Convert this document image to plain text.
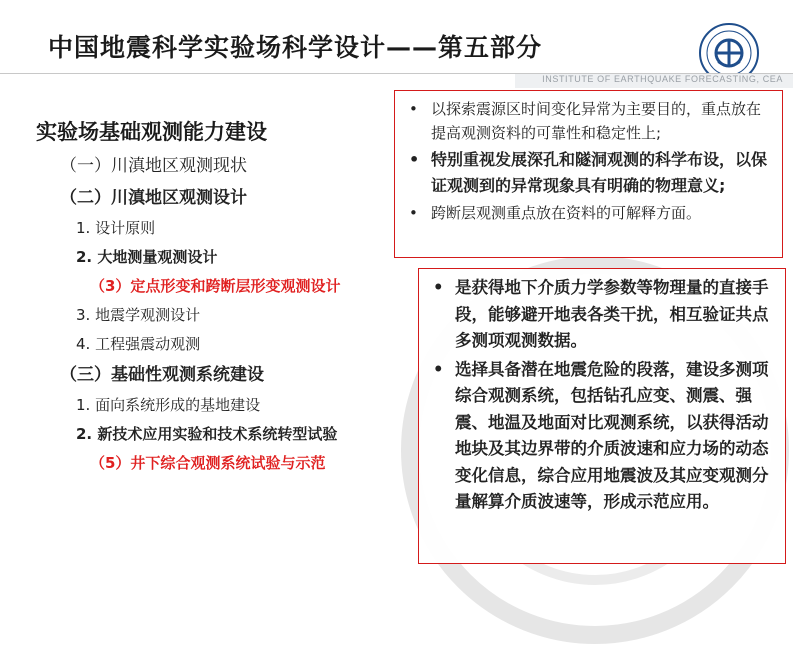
中国地震科学实验场科学设计——第五部分
INSTITUTE OF EARTHQUAKE FORECASTING, CEA
实验场基础观测能力建设
（一）川滇地区观测现状
（二）川滇地区观测设计
1. 设计原则
2. 大地测量观测设计
（3）定点形变和跨断层形变观测设计
3. 地震学观测设计
4. 工程强震动观测
（三）基础性观测系统建设
1. 面向系统形成的基地建设
2. 新技术应用实验和技术系统转型试验
（5）井下综合观测系统试验与示范
• 以探索震源区时间变化异常为主要目的，重点放在提高观测资料的可靠性和稳定性上;
• 特别重视发展深孔和隧洞观测的科学布设，以保证观测到的异常现象具有明确的物理意义;
• 跨断层观测重点放在资料的可解释方面。
• 是获得地下介质力学参数等物理量的直接手段，能够避开地表各类干扰，相互验证共点多测项观测数据。
• 选择具备潜在地震危险的段落，建设多测项综合观测系统，包括钻孔应变、测震、强震、地温及地面对比观测系统，以获得活动地块及其边界带的介质波速和应力场的动态变化信息，综合应用地震波及其应变观测分量解算介质波速等，形成示范应用。
